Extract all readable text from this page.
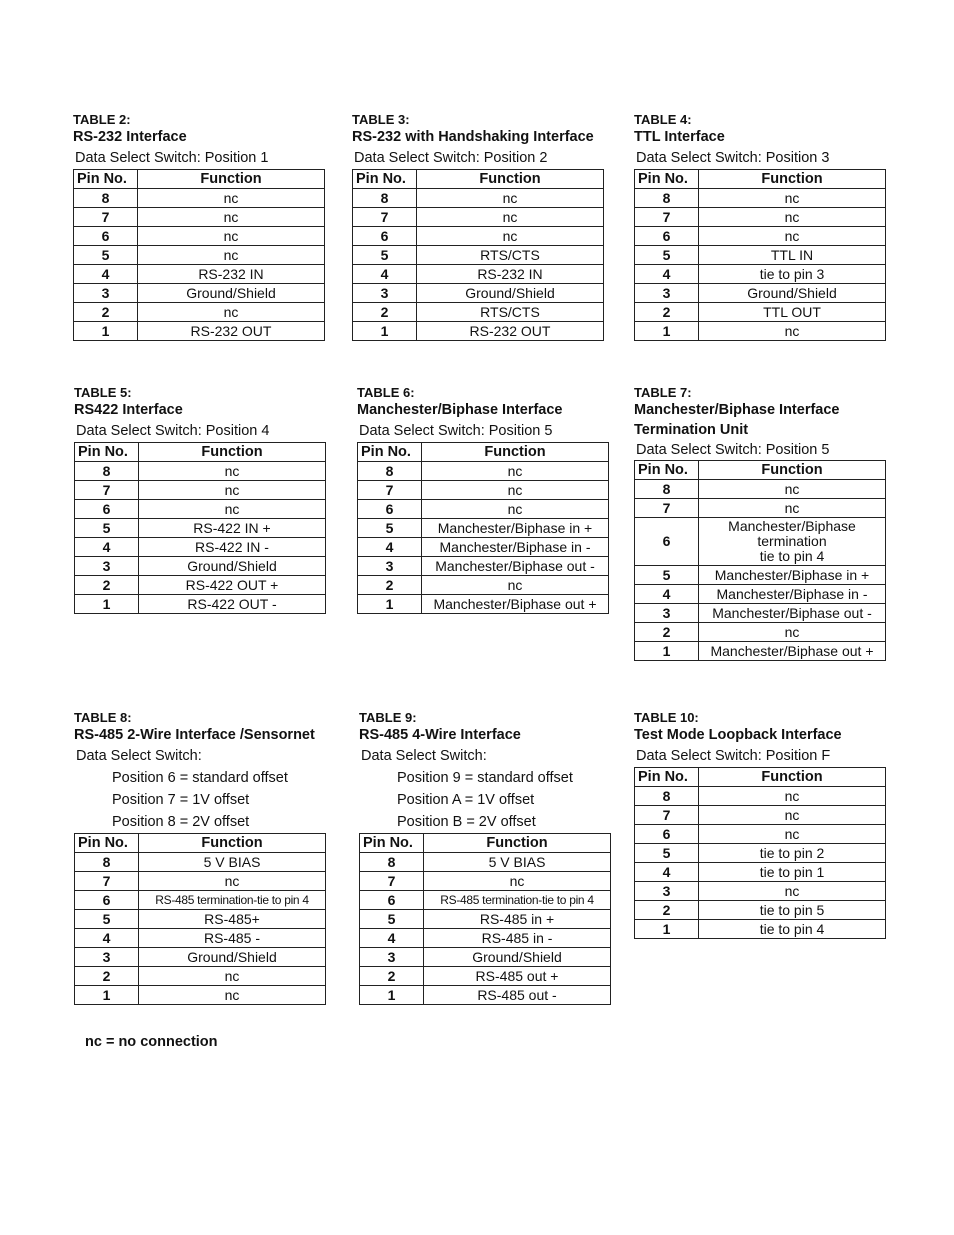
TABLE 2:

RS-232 Interface

Data Select Switch: Position 1

Pin No.	Function
8	nc
7	nc
6	nc
5	nc
4	RS-232 IN
3	Ground/Shield
2	nc
1	RS-232 OUT

TABLE 3:

RS-232 with Handshaking Interface

Data Select Switch: Position 2

Pin No.	Function
8	nc
7	nc
6	nc
5	RTS/CTS
4	RS-232 IN
3	Ground/Shield
2	RTS/CTS
1	RS-232 OUT

TABLE 4:

TTL Interface

Data Select Switch: Position 3

Pin No.	Function
8	nc
7	nc
6	nc
5	TTL IN
4	tie to pin 3
3	Ground/Shield
2	TTL OUT
1	nc

TABLE 5:

RS422 Interface

Data Select Switch: Position 4

Pin No.	Function
8	nc
7	nc
6	nc
5	RS-422 IN +
4	RS-422 IN -
3	Ground/Shield
2	RS-422 OUT +
1	RS-422 OUT -

TABLE 6:

Manchester/Biphase Interface

Data Select Switch: Position 5

Pin No.	Function
8	nc
7	nc
6	nc
5	Manchester/Biphase in +
4	Manchester/Biphase in -
3	Manchester/Biphase out -
2	nc
1	Manchester/Biphase out +

TABLE 7:

Manchester/Biphase Interface

Termination Unit

Data Select Switch: Position 5

Pin No.	Function
8	nc
7	nc
6	Manchester/Biphase
termination
tie to pin 4

5	Manchester/Biphase in +
4	Manchester/Biphase in -
3	Manchester/Biphase out -
2	nc
1	Manchester/Biphase out +

TABLE 8:

RS-485 2-Wire Interface /Sensornet

Data Select Switch:

Position 6 = standard offset

Position 7 = 1V offset

Position 8 = 2V offset

Pin No.	Function
8	5 V BIAS
7	nc
6	RS-485 termination-tie to pin 4
5	RS-485+
4	RS-485 -
3	Ground/Shield
2	nc
1	nc

TABLE 9:

RS-485 4-Wire Interface

Data Select Switch:

Position 9 = standard offset

Position A = 1V offset

Position B = 2V offset

Pin No.	Function
8	5 V BIAS
7	nc
6	RS-485 termination-tie to pin 4
5	RS-485 in +
4	RS-485 in -
3	Ground/Shield
2	RS-485 out +
1	RS-485 out -

TABLE 10:

Test Mode Loopback Interface

Data Select Switch: Position F

Pin No.	Function
8	nc
7	nc
6	nc
5	tie to pin 2
4	tie to pin 1
3	nc
2	tie to pin 5
1	tie to pin 4
nc = no connection
